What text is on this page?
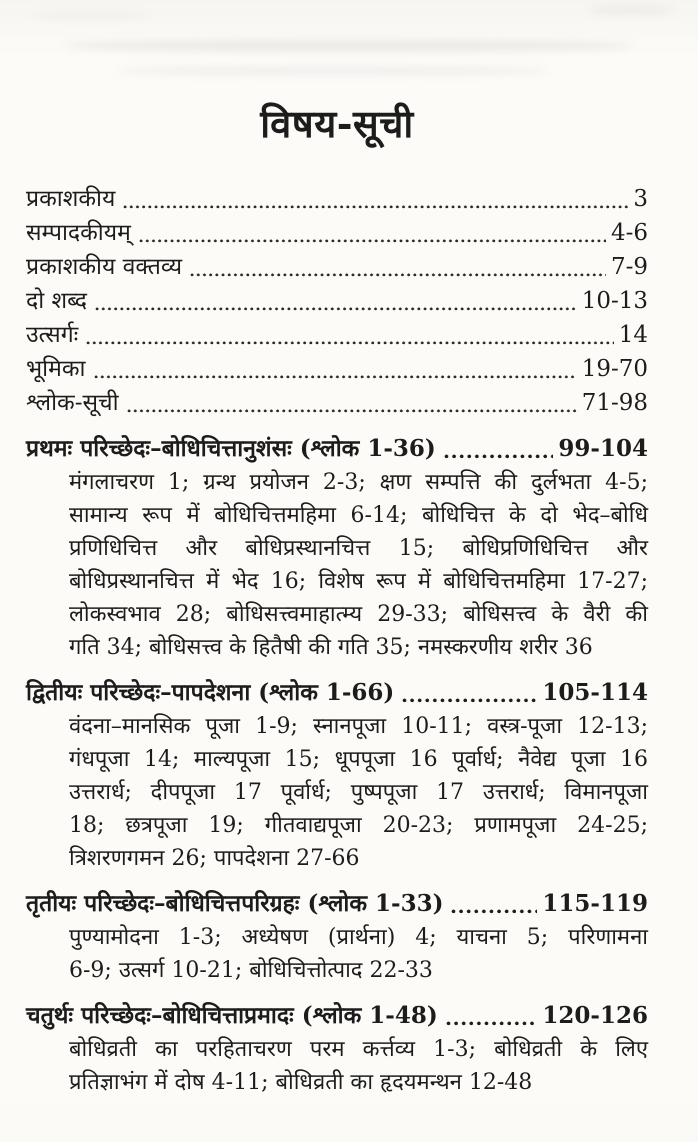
विषय-सूची
प्रकाशकीय	3
सम्पादकीयम्	4-6
प्रकाशकीय वक्तव्य	7-9
दो शब्द	10-13
उत्सर्गः	14
भूमिका	19-70
श्लोक-सूची	71-98
प्रथमः परिच्छेदः–बोधिचित्तानुशंसः (श्लोक 1-36)	99-104
मंगलाचरण 1; ग्रन्थ प्रयोजन 2-3; क्षण सम्पत्ति की दुर्लभता 4-5;
सामान्य रूप में बोधिचित्तमहिमा 6-14; बोधिचित्त के दो भेद–बोधि
प्रणिधिचित्त और बोधिप्रस्थानचित्त 15; बोधिप्रणिधिचित्त और
बोधिप्रस्थानचित्त में भेद 16; विशेष रूप में बोधिचित्तमहिमा 17-27;
लोकस्वभाव 28; बोधिसत्त्वमाहात्म्य 29-33; बोधिसत्त्व के वैरी की
गति 34; बोधिसत्त्व के हितैषी की गति 35; नमस्करणीय शरीर 36
द्वितीयः परिच्छेदः–पापदेशना (श्लोक 1-66)	105-114
वंदना–मानसिक पूजा 1-9; स्नानपूजा 10-11; वस्त्र-पूजा 12-13;
गंधपूजा 14; माल्यपूजा 15; धूपपूजा 16 पूर्वार्ध; नैवेद्य पूजा 16
उत्तरार्ध; दीपपूजा 17 पूर्वार्ध; पुष्पपूजा 17 उत्तरार्ध; विमानपूजा
18; छत्रपूजा 19; गीतवाद्यपूजा 20-23; प्रणामपूजा 24-25;
त्रिशरणगमन 26; पापदेशना 27-66
तृतीयः परिच्छेदः–बोधिचित्तपरिग्रहः (श्लोक 1-33)	115-119
पुण्यामोदना 1-3; अध्येषण (प्रार्थना) 4; याचना 5; परिणामना
6-9; उत्सर्ग 10-21; बोधिचित्तोत्पाद 22-33
चतुर्थः परिच्छेदः–बोधिचित्ताप्रमादः (श्लोक 1-48)	120-126
बोधिव्रती का परहिताचरण परम कर्त्तव्य 1-3; बोधिव्रती के लिए
प्रतिज्ञाभंग में दोष 4-11; बोधिव्रती का हृदयमन्थन 12-48
